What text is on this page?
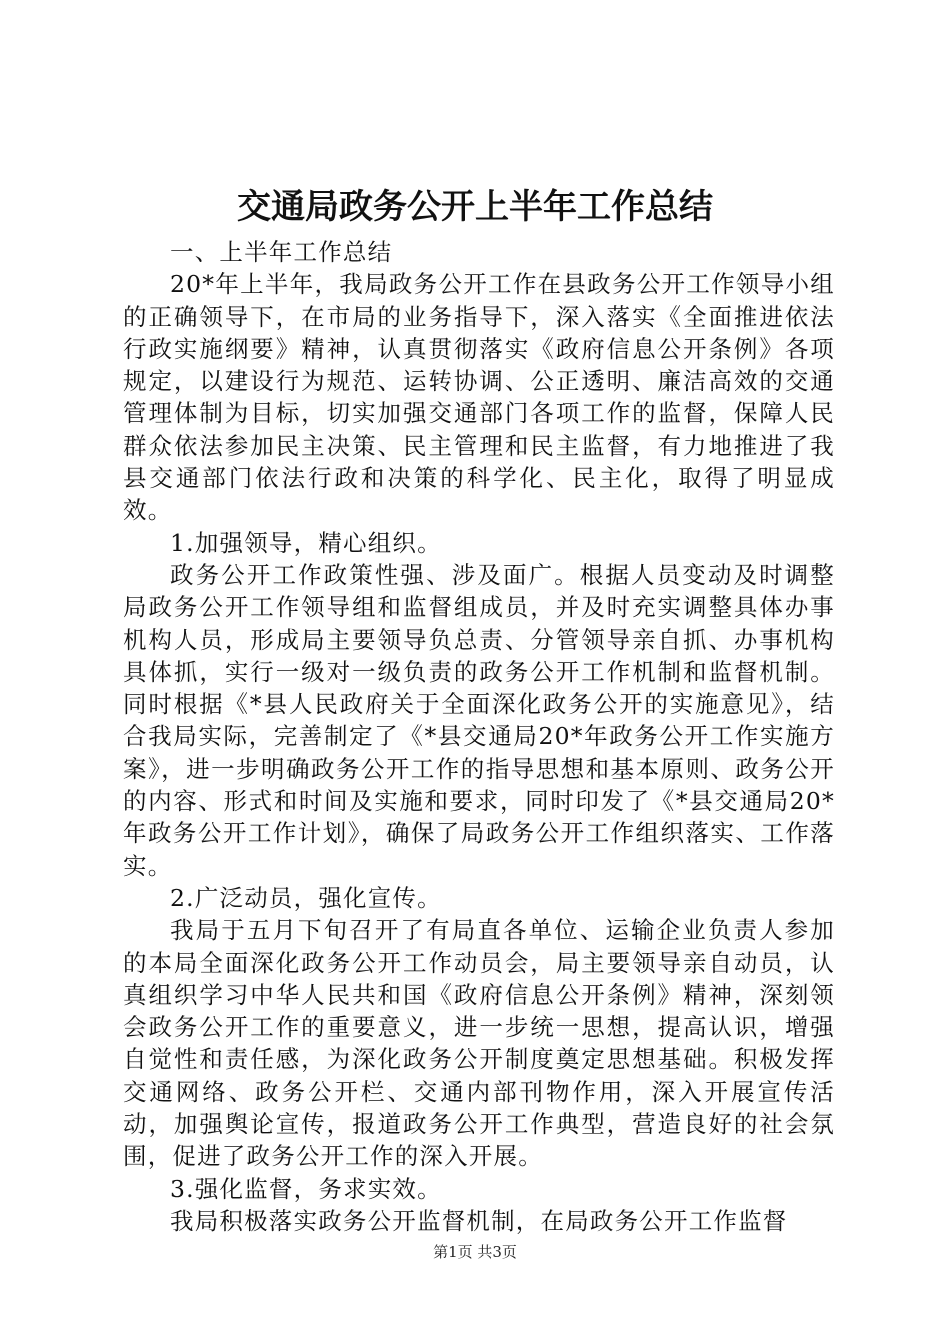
交通局政务公开上半年工作总结

一、上半年工作总结

20*年上半年，我局政务公开工作在县政务公开工作领导小组的正确领导下，在市局的业务指导下，深入落实《全面推进依法行政实施纲要》精神，认真贯彻落实《政府信息公开条例》各项规定，以建设行为规范、运转协调、公正透明、廉洁高效的交通管理体制为目标，切实加强交通部门各项工作的监督，保障人民群众依法参加民主决策、民主管理和民主监督，有力地推进了我县交通部门依法行政和决策的科学化、民主化，取得了明显成效。

1.加强领导，精心组织。

政务公开工作政策性强、涉及面广。根据人员变动及时调整局政务公开工作领导组和监督组成员，并及时充实调整具体办事机构人员，形成局主要领导负总责、分管领导亲自抓、办事机构具体抓，实行一级对一级负责的政务公开工作机制和监督机制。同时根据《*县人民政府关于全面深化政务公开的实施意见》，结合我局实际，完善制定了《*县交通局20*年政务公开工作实施方案》，进一步明确政务公开工作的指导思想和基本原则、政务公开的内容、形式和时间及实施和要求，同时印发了《*县交通局20*年政务公开工作计划》，确保了局政务公开工作组织落实、工作落实。

2.广泛动员，强化宣传。

我局于五月下旬召开了有局直各单位、运输企业负责人参加的本局全面深化政务公开工作动员会，局主要领导亲自动员，认真组织学习中华人民共和国《政府信息公开条例》精神，深刻领会政务公开工作的重要意义，进一步统一思想，提高认识，增强自觉性和责任感，为深化政务公开制度奠定思想基础。积极发挥交通网络、政务公开栏、交通内部刊物作用，深入开展宣传活动，加强舆论宣传，报道政务公开工作典型，营造良好的社会氛围，促进了政务公开工作的深入开展。

3.强化监督，务求实效。

我局积极落实政务公开监督机制，在局政务公开工作监督

第1页 共3页
